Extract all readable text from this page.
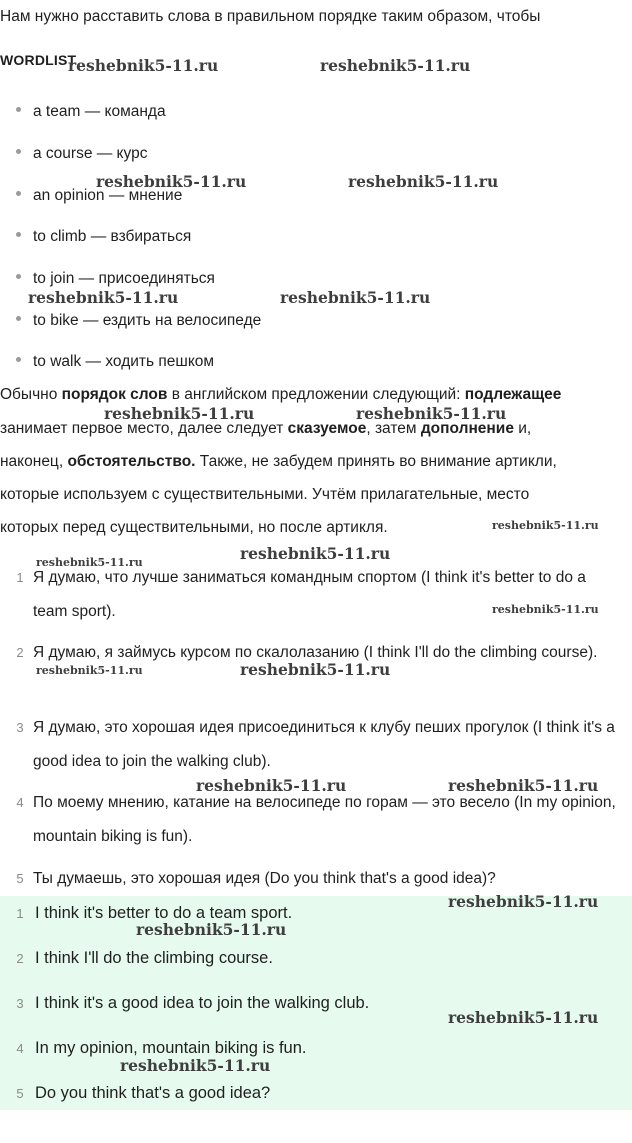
Нам нужно расставить слова в правильном порядке таким образом, чтобы
WORDLIST
a team — команда
a course — курс
an opinion — мнение
to climb — взбираться
to join — присоединяться
to bike — ездить на велосипеде
to walk — ходить пешком
Обычно порядок слов в английском предложении следующий: подлежащее
занимает первое место, далее следует сказуемое, затем дополнение и,
наконец, обстоятельство. Также, не забудем принять во внимание артикли,
которые используем с существительными. Учтём прилагательные, место
которых перед существительными, но после артикля.
1 Я думаю, что лучше заниматься командным спортом (I think it's better to do a team sport).
2 Я думаю, я займусь курсом по скалолазанию (I think I'll do the climbing course).
3 Я думаю, это хорошая идея присоединиться к клубу пеших прогулок (I think it's a good idea to join the walking club).
4 По моему мнению, катание на велосипеде по горам — это весело (In my opinion, mountain biking is fun).
5 Ты думаешь, это хорошая идея (Do you think that's a good idea)?
1 I think it's better to do a team sport.
2 I think I'll do the climbing course.
3 I think it's a good idea to join the walking club.
4 In my opinion, mountain biking is fun.
5 Do you think that's a good idea?
reshebnik5-11.ru	reshebnik5-11.ru
reshebnik5-11.ru	reshebnik5-11.ru
reshebnik5-11.ru	reshebnik5-11.ru
reshebnik5-11.ru	reshebnik5-11.ru
reshebnik5-11.ru
reshebnik5-11.ru	reshebnik5-11.ru
reshebnik5-11.ru
reshebnik5-11.ru	reshebnik5-11.ru
reshebnik5-11.ru	reshebnik5-11.ru
reshebnik5-11.ru
reshebnik5-11.ru
reshebnik5-11.ru
reshebnik5-11.ru
